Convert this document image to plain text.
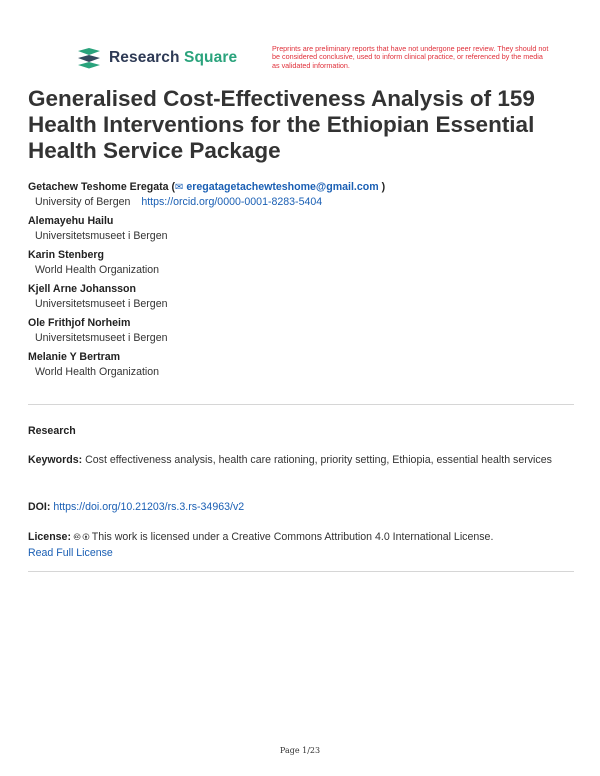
Research Square
Preprints are preliminary reports that have not undergone peer review. They should not be considered conclusive, used to inform clinical practice, or referenced by the media as validated information.
Generalised Cost-Effectiveness Analysis of 159 Health Interventions for the Ethiopian Essential Health Service Package
Getachew Teshome Eregata (✉ eregatagetachewteshome@gmail.com )
University of Bergen https://orcid.org/0000-0001-8283-5404
Alemayehu Hailu
Universitetsmuseet i Bergen
Karin Stenberg
World Health Organization
Kjell Arne Johansson
Universitetsmuseet i Bergen
Ole Frithjof Norheim
Universitetsmuseet i Bergen
Melanie Y Bertram
World Health Organization
Research
Keywords: Cost effectiveness analysis, health care rationing, priority setting, Ethiopia, essential health services
DOI: https://doi.org/10.21203/rs.3.rs-34963/v2
License: 🅭 🅯 This work is licensed under a Creative Commons Attribution 4.0 International License.
Read Full License
Page 1/23
